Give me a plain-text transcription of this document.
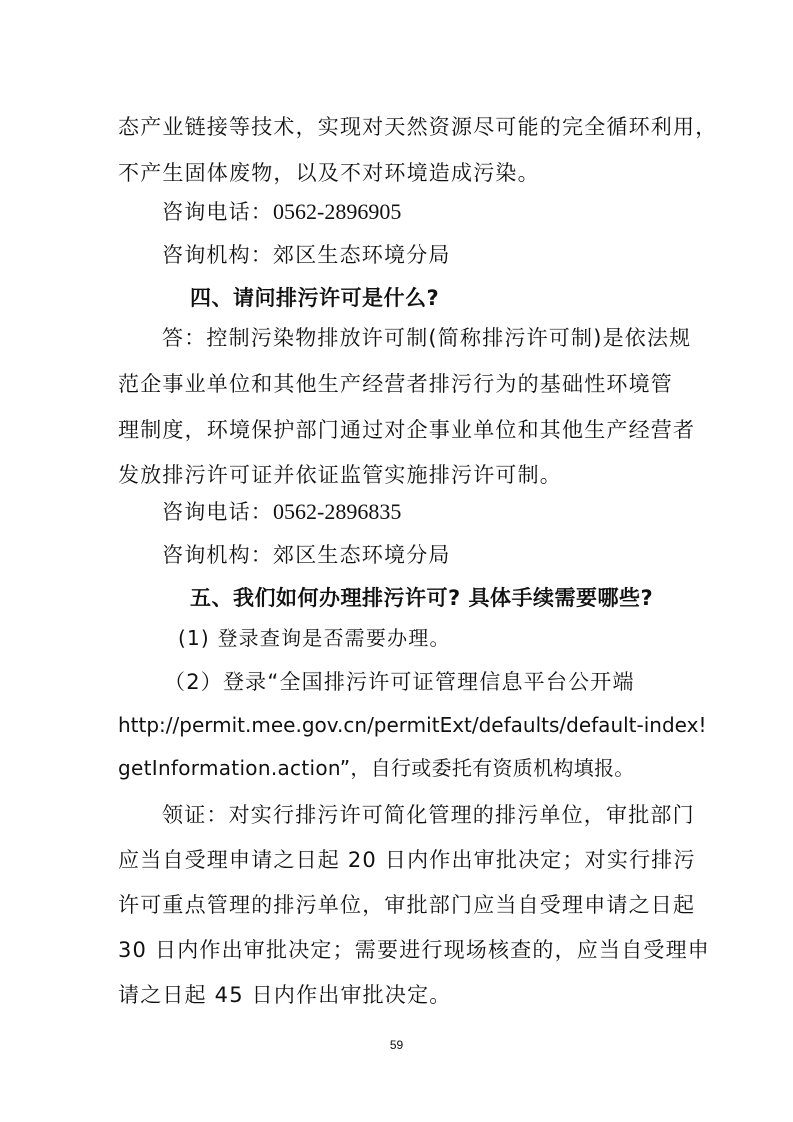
态产业链接等技术，实现对天然资源尽可能的完全循环利用，
不产生固体废物，以及不对环境造成污染。
咨询电话：0562-2896905
咨询机构：郊区生态环境分局
四、请问排污许可是什么?
答：控制污染物排放许可制(简称排污许可制)是依法规
范企事业单位和其他生产经营者排污行为的基础性环境管
理制度，环境保护部门通过对企事业单位和其他生产经营者
发放排污许可证并依证监管实施排污许可制。
咨询电话：0562-2896835
咨询机构：郊区生态环境分局
五、我们如何办理排污许可? 具体手续需要哪些?
(1) 登录查询是否需要办理。
（2）登录“全国排污许可证管理信息平台公开端
http://permit.mee.gov.cn/permitExt/defaults/default-index!
getInformation.action”，自行或委托有资质机构填报。
领证：对实行排污许可简化管理的排污单位，审批部门
应当自受理申请之日起 20 日内作出审批决定；对实行排污
许可重点管理的排污单位，审批部门应当自受理申请之日起
30 日内作出审批决定；需要进行现场核查的，应当自受理申
请之日起 45 日内作出审批决定。
59
